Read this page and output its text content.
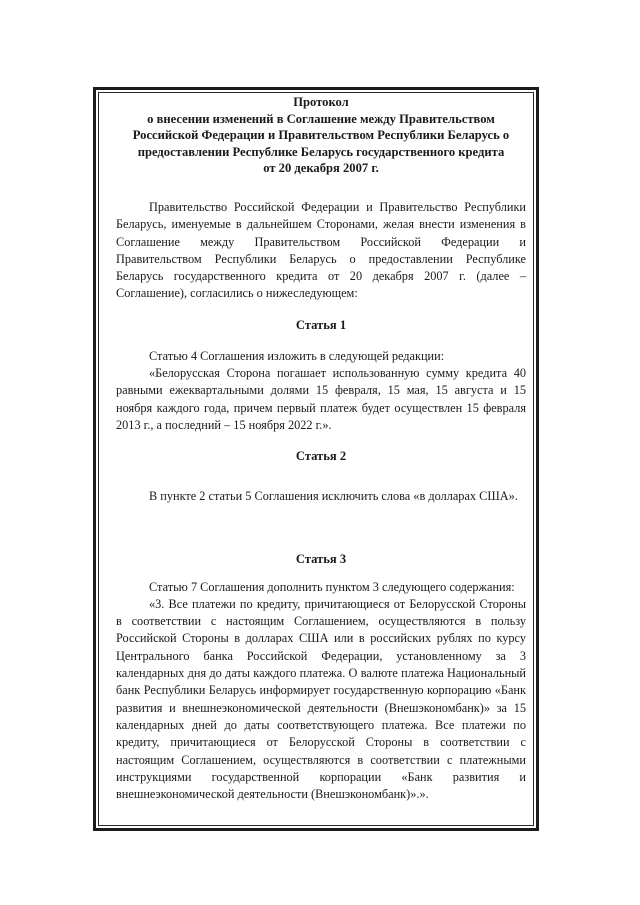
Протокол
о внесении изменений в Соглашение между Правительством
Российской Федерации и Правительством Республики Беларусь о
предоставлении Республике Беларусь государственного кредита
от 20 декабря 2007 г.

Правительство Российской Федерации и Правительство Республики Беларусь, именуемые в дальнейшем Сторонами, желая внести изменения в Соглашение между Правительством Российской Федерации и Правительством Республики Беларусь о предоставлении Республике Беларусь государственного кредита от 20 декабря 2007 г. (далее – Соглашение), согласились о нижеследующем:

Статья 1

Статью 4 Соглашения изложить в следующей редакции:

«Белорусская Сторона погашает использованную сумму кредита 40 равными ежеквартальными долями 15 февраля, 15 мая, 15 августа и 15 ноября каждого года, причем первый платеж будет осуществлен 15 февраля 2013 г., а последний – 15 ноября 2022 г.».

Статья 2

В пункте 2 статьи 5 Соглашения исключить слова «в долларах США».

Статья 3

Статью 7 Соглашения дополнить пунктом 3 следующего содержания:

«3. Все платежи по кредиту, причитающиеся от Белорусской Стороны в соответствии с настоящим Соглашением, осуществляются в пользу Российской Стороны в долларах США или в российских рублях по курсу Центрального банка Российской Федерации, установленному за 3 календарных дня до даты каждого платежа. О валюте платежа Национальный банк Республики Беларусь информирует государственную корпорацию «Банк развития и внешнеэкономической деятельности (Внешэкономбанк)» за 15 календарных дней до даты соответствующего платежа. Все платежи по кредиту, причитающиеся от Белорусской Стороны в соответствии с настоящим Соглашением, осуществляются в соответствии с платежными инструкциями государственной корпорации «Банк развития и внешнеэкономической деятельности (Внешэкономбанк)».».
